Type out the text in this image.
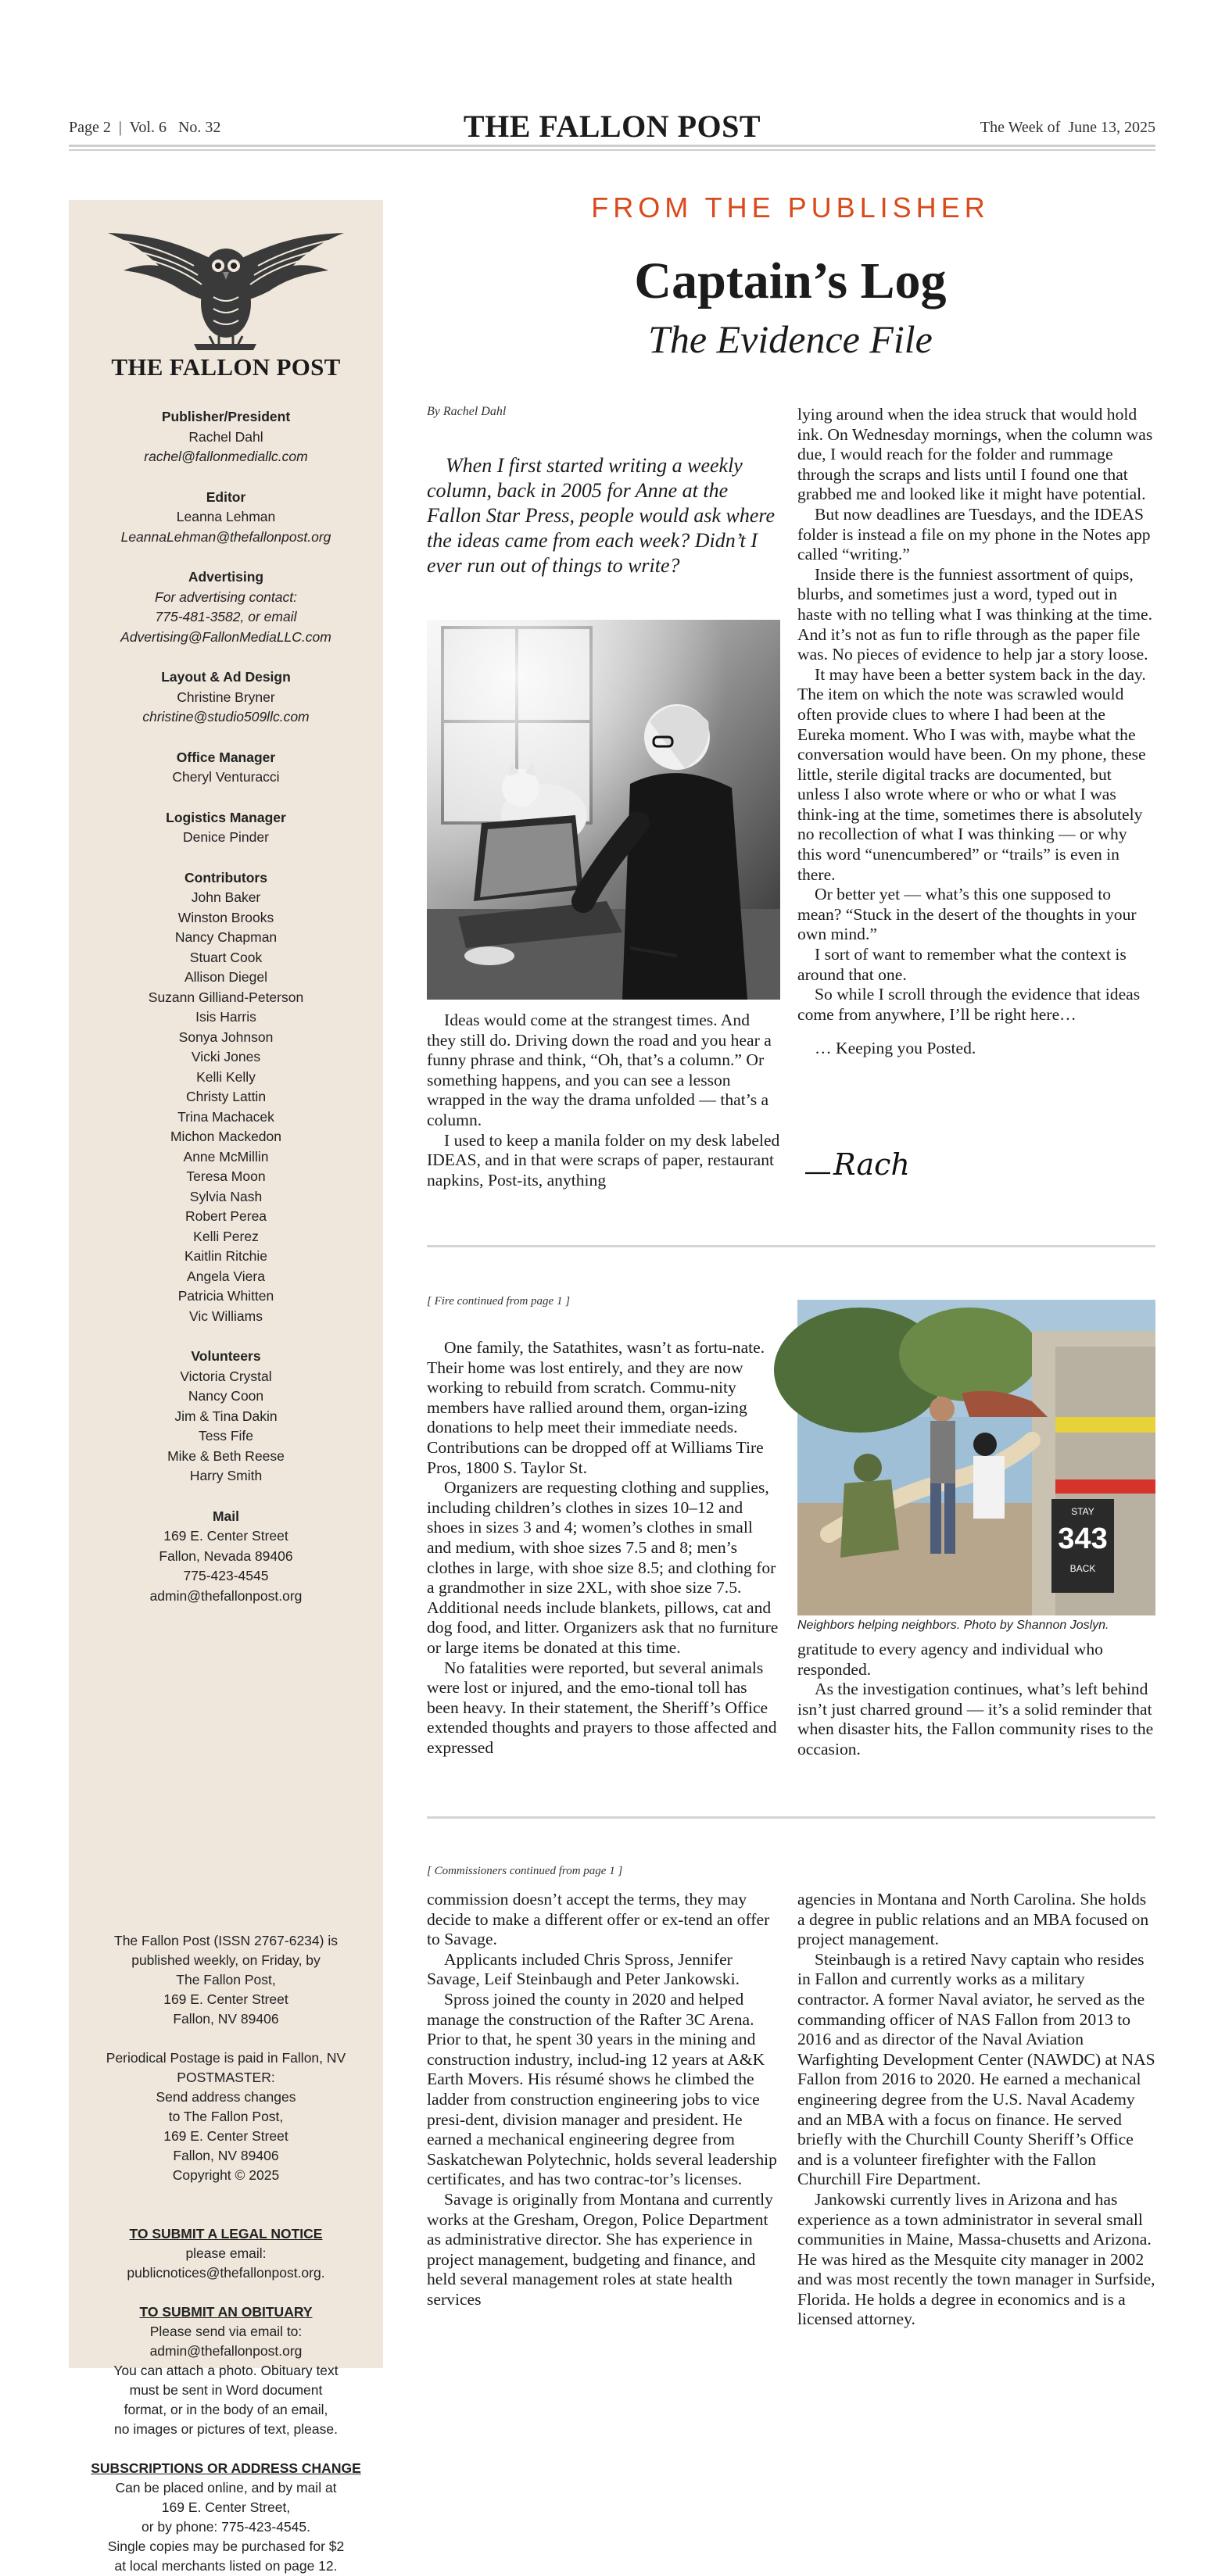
Page 2  |  Vol. 6   No. 32	THE FALLON POST	The Week of  June 13, 2025
THE FALLON POST
Publisher/President
Rachel Dahl
rachel@fallonmediallc.com
Editor
Leanna Lehman
LeannaLehman@thefallonpost.org
Advertising
For advertising contact:
775-481-3582, or email
Advertising@FallonMediaLLC.com
Layout & Ad Design
Christine Bryner
christine@studio509llc.com
Office Manager
Cheryl Venturacci
Logistics Manager
Denice Pinder
Contributors
John Baker
Winston Brooks
Nancy Chapman
Stuart Cook
Allison Diegel
Suzann Gilliand-Peterson
Isis Harris
Sonya Johnson
Vicki Jones
Kelli Kelly
Christy Lattin
Trina Machacek
Michon Mackedon
Anne McMillin
Teresa Moon
Sylvia Nash
Robert Perea
Kelli Perez
Kaitlin Ritchie
Angela Viera
Patricia Whitten
Vic Williams
Volunteers
Victoria Crystal
Nancy Coon
Jim & Tina Dakin
Tess Fife
Mike & Beth Reese
Harry Smith
Mail
169 E. Center Street
Fallon, Nevada 89406
775-423-4545
admin@thefallonpost.org
The Fallon Post (ISSN 2767-6234) is
published weekly, on Friday, by
The Fallon Post,
169 E. Center Street
Fallon, NV 89406
Periodical Postage is paid in Fallon, NV
POSTMASTER:
Send address changes
to The Fallon Post,
169 E. Center Street
Fallon, NV 89406
Copyright © 2025
TO SUBMIT A LEGAL NOTICE
please email:
publicnotices@thefallonpost.org.
TO SUBMIT AN OBITUARY
Please send via email to:
admin@thefallonpost.org
You can attach a photo. Obituary text
must be sent in Word document
format, or in the body of an email,
no images or pictures of text, please.
SUBSCRIPTIONS OR ADDRESS CHANGE
Can be placed online, and by mail at
169 E. Center Street,
or by phone: 775-423-4545.
Single copies may be purchased for $2
at local merchants listed on page 12.
FROM THE PUBLISHER
Captain’s Log
The Evidence File
By Rachel Dahl
When I first started writing a weekly column, back in 2005 for Anne at the Fallon Star Press, people would ask where the ideas came from each week? Didn’t I ever run out of things to write?

Ideas would come at the strangest times. And they still do. Driving down the road and you hear a funny phrase and think, “Oh, that’s a column.” Or something happens, and you can see a lesson wrapped in the way the drama unfolded — that’s a column.

I used to keep a manila folder on my desk labeled IDEAS, and in that were scraps of paper, restaurant napkins, Post-its, anything

lying around when the idea struck that would hold ink. On Wednesday mornings, when the column was due, I would reach for the folder and rummage through the scraps and lists until I found one that grabbed me and looked like it might have potential.

But now deadlines are Tuesdays, and the IDEAS folder is instead a file on my phone in the Notes app called “writing.”

Inside there is the funniest assortment of quips, blurbs, and sometimes just a word, typed out in haste with no telling what I was thinking at the time. And it’s not as fun to rifle through as the paper file was. No pieces of evidence to help jar a story loose.

It may have been a better system back in the day. The item on which the note was scrawled would often provide clues to where I had been at the Eureka moment. Who I was with, maybe what the conversation would have been. On my phone, these little, sterile digital tracks are documented, but unless I also wrote where or who or what I was think-ing at the time, sometimes there is absolutely no recollection of what I was thinking — or why this word “unencumbered” or “trails” is even in there.

Or better yet — what’s this one supposed to mean? “Stuck in the desert of the thoughts in your own mind.”

I sort of want to remember what the context is around that one.

So while I scroll through the evidence that ideas come from anywhere, I’ll be right here…

… Keeping you Posted.
Rach
[ Fire continued from page 1 ]

One family, the Satathites, wasn’t as fortu-nate. Their home was lost entirely, and they are now working to rebuild from scratch. Commu-nity members have rallied around them, organ-izing donations to help meet their immediate needs. Contributions can be dropped off at Williams Tire Pros, 1800 S. Taylor St.

Organizers are requesting clothing and supplies, including children’s clothes in sizes 10–12 and shoes in sizes 3 and 4; women’s clothes in small and medium, with shoe sizes 7.5 and 8; men’s clothes in large, with shoe size 8.5; and clothing for a grandmother in size 2XL, with shoe size 7.5. Additional needs include blankets, pillows, cat and dog food, and litter. Organizers ask that no furniture or large items be donated at this time.

No fatalities were reported, but several animals were lost or injured, and the emo-tional toll has been heavy. In their statement, the Sheriff’s Office extended thoughts and prayers to those affected and expressed

STAY
343
BACK
Neighbors helping neighbors. Photo by Shannon Joslyn.

gratitude to every agency and individual who responded.

As the investigation continues, what’s left behind isn’t just charred ground — it’s a solid reminder that when disaster hits, the Fallon community rises to the occasion.

[ Commissioners continued from page 1 ]

commission doesn’t accept the terms, they may decide to make a different offer or ex-tend an offer to Savage.

Applicants included Chris Spross, Jennifer Savage, Leif Steinbaugh and Peter Jankowski.

Spross joined the county in 2020 and helped manage the construction of the Rafter 3C Arena. Prior to that, he spent 30 years in the mining and construction industry, includ-ing 12 years at A&K Earth Movers. His résumé shows he climbed the ladder from construction engineering jobs to vice presi-dent, division manager and president. He earned a mechanical engineering degree from Saskatchewan Polytechnic, holds several leadership certificates, and has two contrac-tor’s licenses.

Savage is originally from Montana and currently works at the Gresham, Oregon, Police Department as administrative director. She has experience in project management, budgeting and finance, and held several management roles at state health services

agencies in Montana and North Carolina. She holds a degree in public relations and an MBA focused on project management.

Steinbaugh is a retired Navy captain who resides in Fallon and currently works as a military contractor. A former Naval aviator, he served as the commanding officer of NAS Fallon from 2013 to 2016 and as director of the Naval Aviation Warfighting Development Center (NAWDC) at NAS Fallon from 2016 to 2020. He earned a mechanical engineering degree from the U.S. Naval Academy and an MBA with a focus on finance. He served briefly with the Churchill County Sheriff’s Office and is a volunteer firefighter with the Fallon Churchill Fire Department.

Jankowski currently lives in Arizona and has experience as a town administrator in several small communities in Maine, Massa-chusetts and Arizona. He was hired as the Mesquite city manager in 2002 and was most recently the town manager in Surfside, Florida. He holds a degree in economics and is a licensed attorney.
